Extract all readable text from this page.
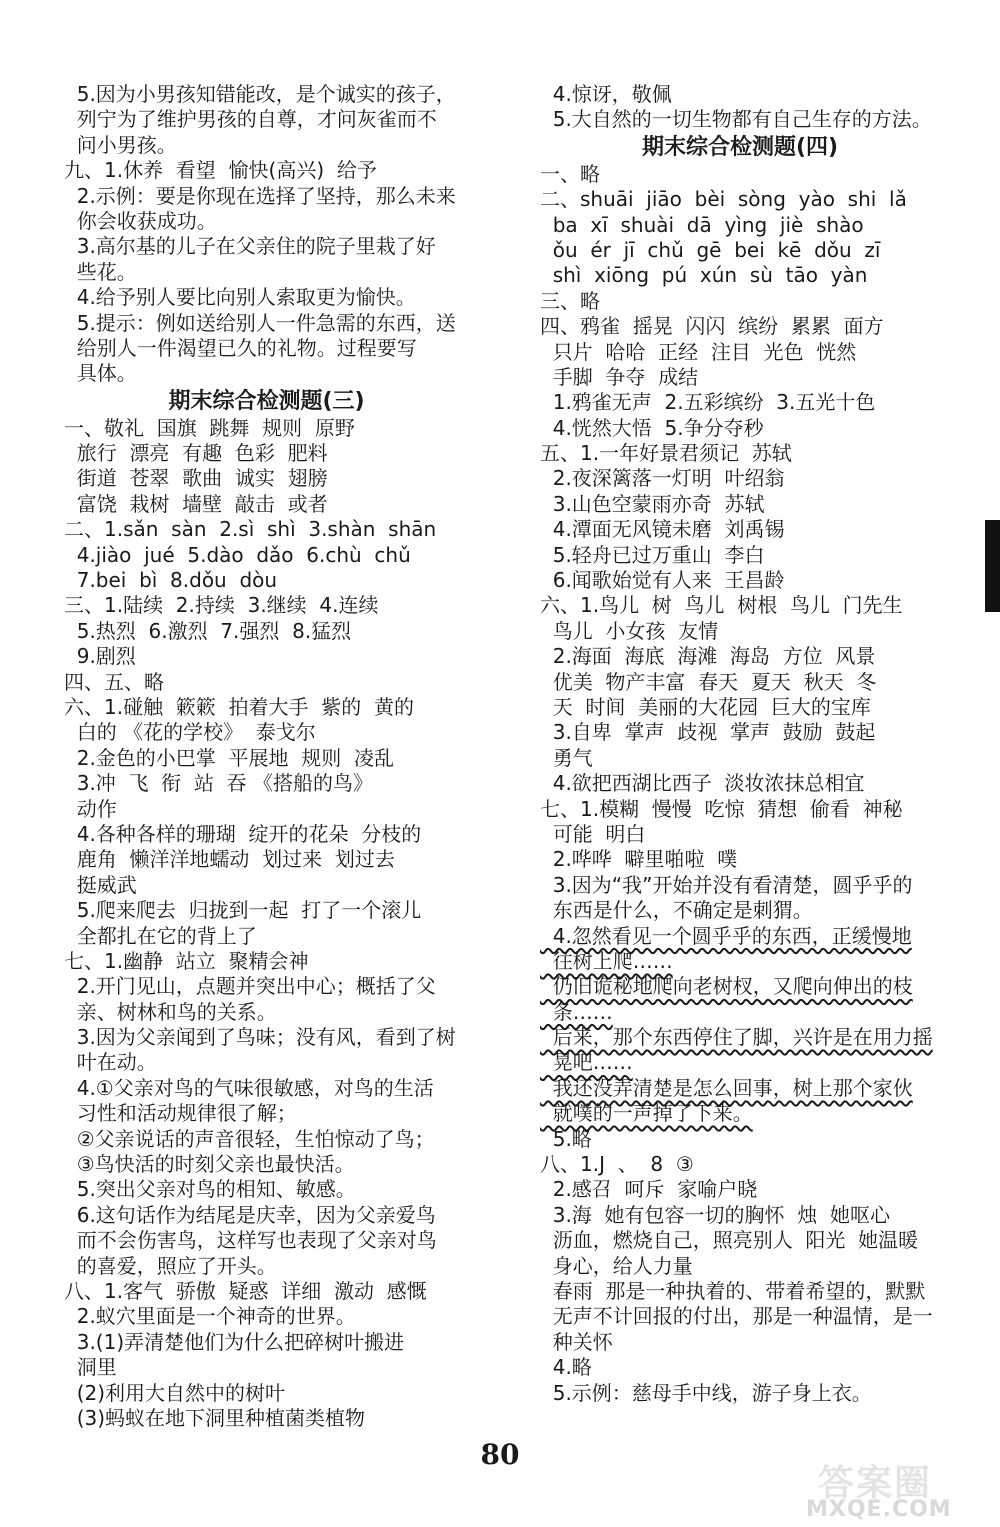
5.因为小男孩知错能改，是个诚实的孩子，
列宁为了维护男孩的自尊，才问灰雀而不
问小男孩。
九、1.休养  看望  愉快(高兴)  给予
2.示例：要是你现在选择了坚持，那么未来
你会收获成功。
3.高尔基的儿子在父亲住的院子里栽了好
些花。
4.给予别人要比向别人索取更为愉快。
5.提示：例如送给别人一件急需的东西，送
给别人一件渴望已久的礼物。过程要写
具体。
期末综合检测题(三)
一、敬礼  国旗  跳舞  规则  原野
旅行  漂亮  有趣  色彩  肥料
街道  苍翠  歌曲  诚实  翅膀
富饶  栽树  墙壁  敲击  或者
二、1.sǎn  sàn  2.sì  shì  3.shàn  shān
4.jiào  jué  5.dào  dǎo  6.chù  chǔ
7.bei  bì  8.dǒu  dòu
三、1.陆续  2.持续  3.继续  4.连续
5.热烈  6.激烈  7.强烈  8.猛烈
9.剧烈
四、五、略
六、1.碰触  簌簌  拍着大手  紫的  黄的
白的 《花的学校》  泰戈尔
2.金色的小巴掌  平展地  规则  凌乱
3.冲  飞  衔  站  吞 《搭船的鸟》
动作
4.各种各样的珊瑚  绽开的花朵  分枝的
鹿角  懒洋洋地蠕动  划过来  划过去
挺威武
5.爬来爬去  归拢到一起  打了一个滚儿
全都扎在它的背上了
七、1.幽静  站立  聚精会神
2.开门见山，点题并突出中心；概括了父
亲、树林和鸟的关系。
3.因为父亲闻到了鸟味；没有风，看到了树
叶在动。
4.①父亲对鸟的气味很敏感，对鸟的生活
习性和活动规律很了解；
②父亲说话的声音很轻，生怕惊动了鸟；
③鸟快活的时刻父亲也最快活。
5.突出父亲对鸟的相知、敏感。
6.这句话作为结尾是庆幸，因为父亲爱鸟
而不会伤害鸟，这样写也表现了父亲对鸟
的喜爱，照应了开头。
八、1.客气  骄傲  疑惑  详细  激动  感慨
2.蚁穴里面是一个神奇的世界。
3.(1)弄清楚他们为什么把碎树叶搬进
洞里
(2)利用大自然中的树叶
(3)蚂蚁在地下洞里种植菌类植物
4.惊讶，敬佩
5.大自然的一切生物都有自己生存的方法。
期末综合检测题(四)
一、略
二、shuāi  jiāo  bèi  sòng  yào  shi  lǎ
ba  xī  shuài  dā  yìng  jiè  shào
ǒu  ér  jī  chǔ  gē  bei  kē  dǒu  zī
shì  xiōng  pú  xún  sù  tāo  yàn
三、略
四、鸦雀  摇晃  闪闪  缤纷  累累  面方
只片  哈哈  正经  注目  光色  恍然
手脚  争夺  成结
1.鸦雀无声  2.五彩缤纷  3.五光十色
4.恍然大悟  5.争分夺秒
五、1.一年好景君须记  苏轼
2.夜深篱落一灯明  叶绍翁
3.山色空蒙雨亦奇  苏轼
4.潭面无风镜未磨  刘禹锡
5.轻舟已过万重山  李白
6.闻歌始觉有人来  王昌龄
六、1.鸟儿  树  鸟儿  树根  鸟儿  门先生
鸟儿  小女孩  友情
2.海面  海底  海滩  海岛  方位  风景
优美  物产丰富  春天  夏天  秋天  冬
天  时间  美丽的大花园  巨大的宝库
3.自卑  掌声  歧视  掌声  鼓励  鼓起
勇气
4.欲把西湖比西子  淡妆浓抹总相宜
七、1.模糊  慢慢  吃惊  猜想  偷看  神秘
可能  明白
2.哗哗  噼里啪啦  噗
3.因为“我”开始并没有看清楚，圆乎乎的
东西是什么，不确定是刺猬。
4.忽然看见一个圆乎乎的东西，正缓慢地
往树上爬……
仍旧诡秘地爬向老树杈，又爬向伸出的枝
条……
后来，那个东西停住了脚，兴许是在用力摇
晃吧……
我还没弄清楚是怎么回事，树上那个家伙
就噗的一声掉了下来。
5.略
八、1.J  、  8  ③
2.感召  呵斥  家喻户晓
3.海  她有包容一切的胸怀  烛  她呕心
沥血，燃烧自己，照亮别人  阳光  她温暖
身心，给人力量
春雨  那是一种执着的、带着希望的，默默
无声不计回报的付出，那是一种温情，是一
种关怀
4.略
5.示例：慈母手中线，游子身上衣。
80
答案圈
MXQE.COM
